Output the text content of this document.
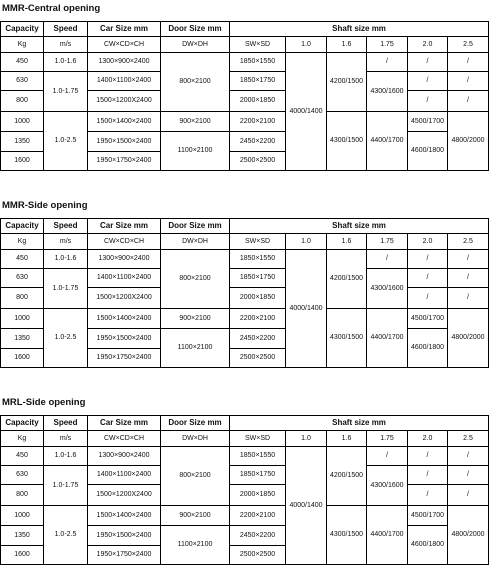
MMR-Central opening
Capacity	Speed	Car Size mm	Door Size mm	Shaft size mm					
Kg	m/s	CW×CD×CH	DW×DH	SW×SD	1.0	1.6	1.75	2.0	2.5
450	1.0-1.6	1300×900×2400	800×2100	1850×1550	4000/1400	4200/1500	/	/	/
630	1.0-1.75	1400×1100×2400		1850×1750			4300/1600	/	/
800		1500×1200X2400		2000×1850				/	/
1000	1.0-2.5	1500×1400×2400	900×2100	2200×2100		4300/1500	4400/1700	4500/1700	4800/2000
1350		1950×1500×2400	1100×2100	2450×2200				4600/1800	
1600		1950×1750×2400		2500×2500					
MMR-Side opening
Capacity	Speed	Car Size mm	Door Size mm	Shaft size mm					
Kg	m/s	CW×CD×CH	DW×DH	SW×SD	1.0	1.6	1.75	2.0	2.5
450	1.0-1.6	1300×900×2400	800×2100	1850×1550	4000/1400	4200/1500	/	/	/
630	1.0-1.75	1400×1100×2400		1850×1750			4300/1600	/	/
800		1500×1200X2400		2000×1850				/	/
1000	1.0-2.5	1500×1400×2400	900×2100	2200×2100		4300/1500	4400/1700	4500/1700	4800/2000
1350		1950×1500×2400	1100×2100	2450×2200				4600/1800	
1600		1950×1750×2400		2500×2500					
MRL-Side opening
Capacity	Speed	Car Size mm	Door Size mm	Shaft size mm					
Kg	m/s	CW×CD×CH	DW×DH	SW×SD	1.0	1.6	1.75	2.0	2.5
450	1.0-1.6	1300×900×2400	800×2100	1850×1550	4000/1400	4200/1500	/	/	/
630	1.0-1.75	1400×1100×2400		1850×1750			4300/1600	/	/
800		1500×1200X2400		2000×1850				/	/
1000	1.0-2.5	1500×1400×2400	900×2100	2200×2100		4300/1500	4400/1700	4500/1700	4800/2000
1350		1950×1500×2400	1100×2100	2450×2200				4600/1800	
1600		1950×1750×2400		2500×2500					
